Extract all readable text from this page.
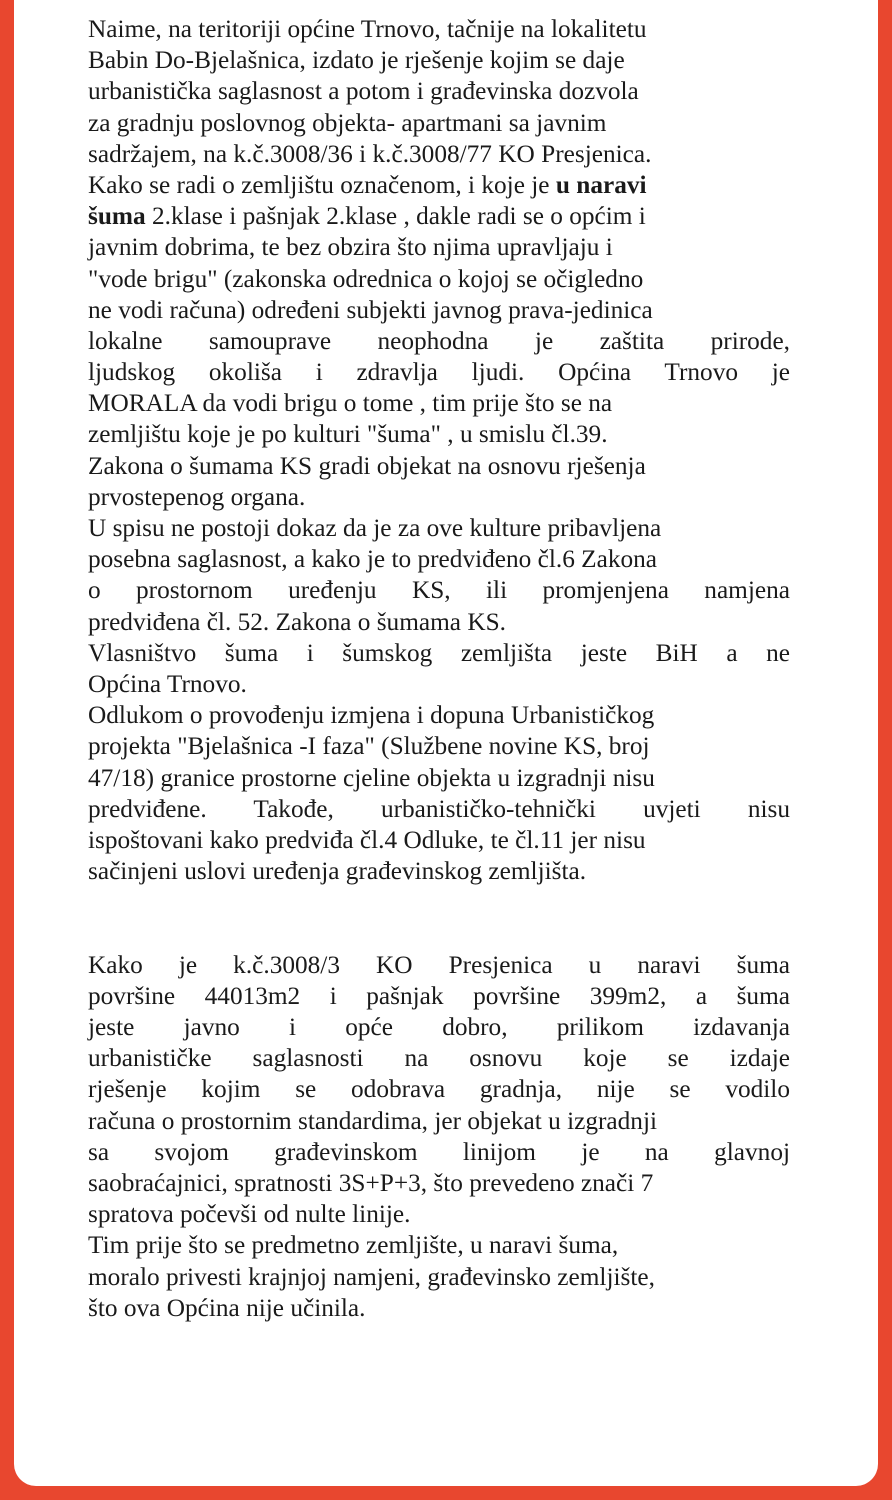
Naime, na teritoriji općine Trnovo, tačnije na lokalitetu
Babin Do-Bjelašnica, izdato je rješenje kojim se daje
urbanistička saglasnost a potom i građevinska dozvola
za gradnju poslovnog objekta- apartmani sa javnim
sadržajem, na k.č.3008/36 i k.č.3008/77 KO Presjenica.
Kako se radi o zemljištu označenom, i koje je u naravi
šuma 2.klase i pašnjak 2.klase , dakle radi se o općim i
javnim dobrima, te bez obzira što njima upravljaju i
"vode brigu" (zakonska odrednica o kojoj se očigledno
ne vodi računa) određeni subjekti javnog prava-jedinica
lokalne samouprave neophodna je zaštita prirode,
ljudskog okoliša i zdravlja ljudi. Općina Trnovo je
MORALA da vodi brigu o tome , tim prije što se na
zemljištu koje je po kulturi "šuma" , u smislu čl.39.
Zakona o šumama KS gradi objekat na osnovu rješenja
prvostepenog organa.
U spisu ne postoji dokaz da je za ove kulture pribavljena
posebna saglasnost, a kako je to predviđeno čl.6 Zakona
o prostornom uređenju KS, ili promjenjena namjena
predviđena čl. 52. Zakona o šumama KS.
Vlasništvo šuma i šumskog zemljišta jeste BiH a ne
Općina Trnovo.
Odlukom o provođenju izmjena i dopuna Urbanističkog
projekta "Bjelašnica -I faza" (Službene novine KS, broj
47/18) granice prostorne cjeline objekta u izgradnji nisu
predviđene. Takođe, urbanističko-tehnički uvjeti nisu
ispoštovani kako predviđa čl.4 Odluke, te čl.11 jer nisu
sačinjeni uslovi uređenja građevinskog zemljišta.
Kako je k.č.3008/3 KO Presjenica u naravi šuma
površine 44013m2 i pašnjak površine 399m2, a šuma
jeste javno i opće dobro, prilikom izdavanja
urbanističke saglasnosti na osnovu koje se izdaje
rješenje kojim se odobrava gradnja, nije se vodilo
računa o prostornim standardima, jer objekat u izgradnji
sa svojom građevinskom linijom je na glavnoj
saobraćajnici, spratnosti 3S+P+3, što prevedeno znači 7
spratova počevši od nulte linije.
Tim prije što se predmetno zemljište, u naravi šuma,
moralo privesti krajnjoj namjeni, građevinsko zemljište,
što ova Općina nije učinila.
